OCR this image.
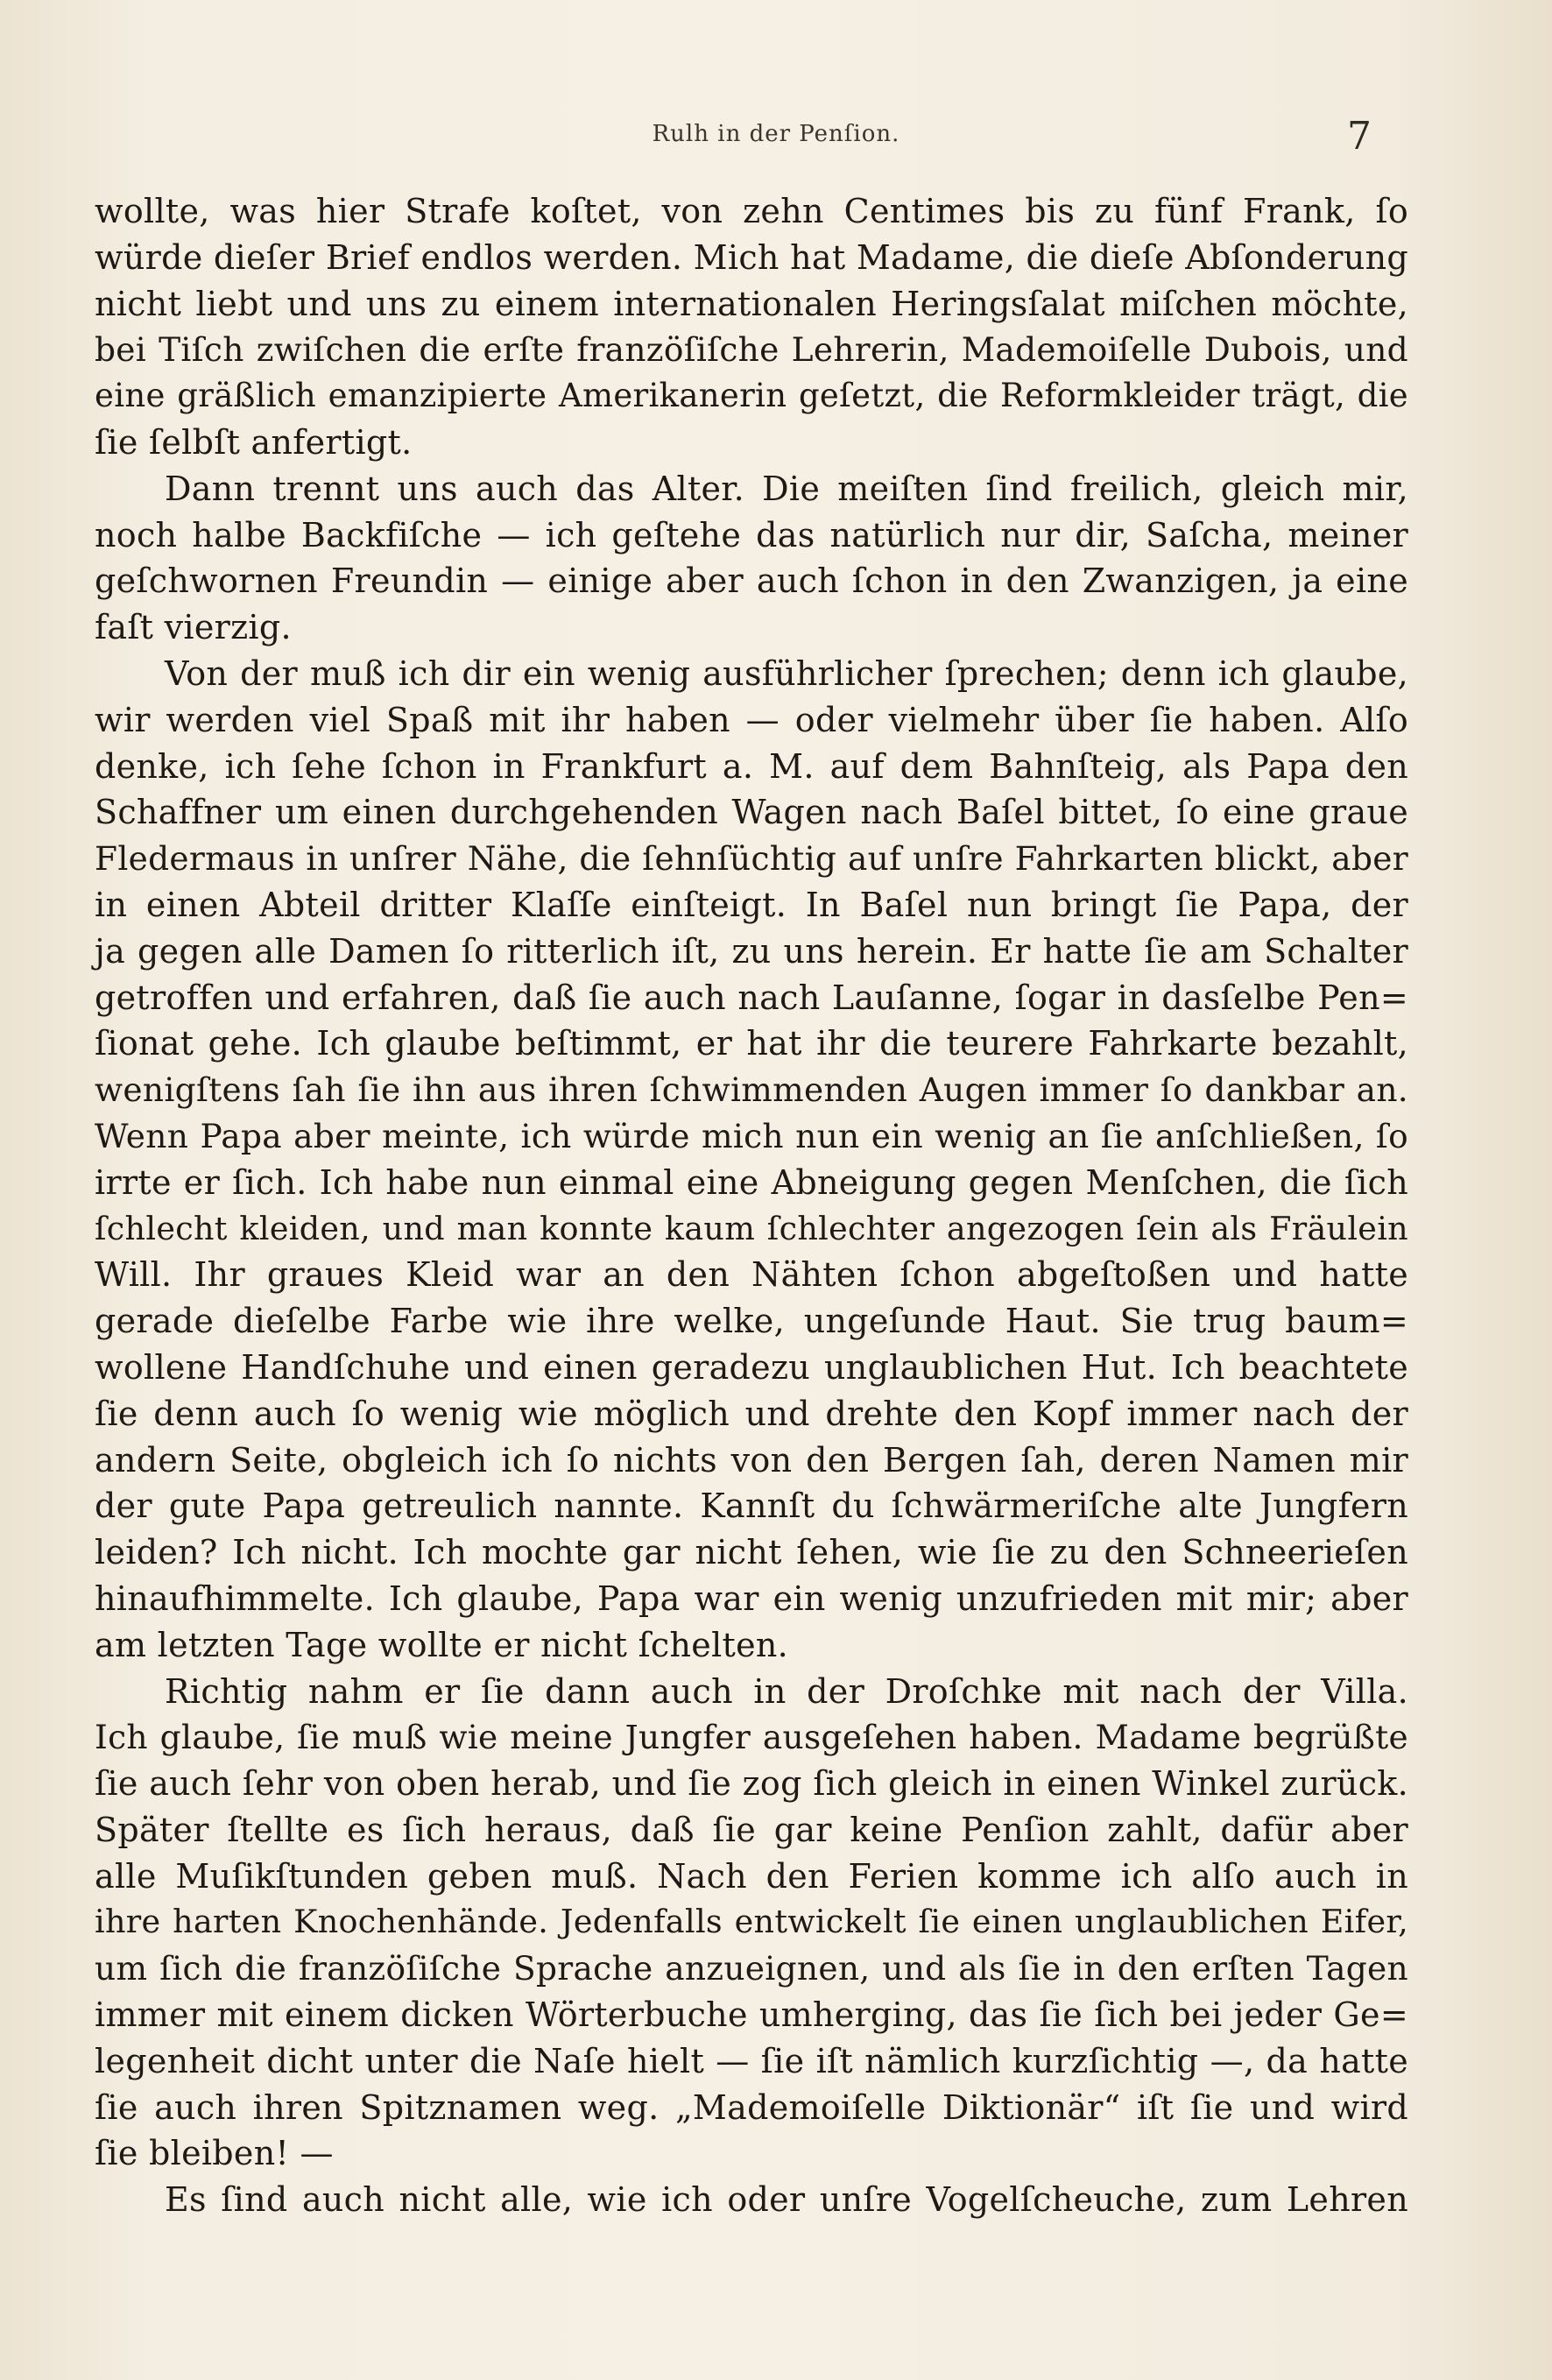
Rulh in der Penſion.	7
wollte, was hier Strafe koſtet, von zehn Centimes bis zu fünf Frank, ſo
würde dieſer Brief endlos werden. Mich hat Madame, die dieſe Abſonderung
nicht liebt und uns zu einem internationalen Heringsſalat miſchen möchte,
bei Tiſch zwiſchen die erſte franzöſiſche Lehrerin, Mademoiſelle Dubois, und
eine gräßlich emanzipierte Amerikanerin geſetzt, die Reformkleider trägt, die
ſie ſelbſt anfertigt.
Dann trennt uns auch das Alter. Die meiſten ſind freilich, gleich mir,
noch halbe Backfiſche — ich geſtehe das natürlich nur dir, Saſcha, meiner
geſchwornen Freundin — einige aber auch ſchon in den Zwanzigen, ja eine
faſt vierzig.
Von der muß ich dir ein wenig ausführlicher ſprechen; denn ich glaube,
wir werden viel Spaß mit ihr haben — oder vielmehr über ſie haben. Alſo
denke, ich ſehe ſchon in Frankfurt a. M. auf dem Bahnſteig, als Papa den
Schaffner um einen durchgehenden Wagen nach Baſel bittet, ſo eine graue
Fledermaus in unſrer Nähe, die ſehnſüchtig auf unſre Fahrkarten blickt, aber
in einen Abteil dritter Klaſſe einſteigt. In Baſel nun bringt ſie Papa, der
ja gegen alle Damen ſo ritterlich iſt, zu uns herein. Er hatte ſie am Schalter
getroffen und erfahren, daß ſie auch nach Lauſanne, ſogar in dasſelbe Pen=
ſionat gehe. Ich glaube beſtimmt, er hat ihr die teurere Fahrkarte bezahlt,
wenigſtens ſah ſie ihn aus ihren ſchwimmenden Augen immer ſo dankbar an.
Wenn Papa aber meinte, ich würde mich nun ein wenig an ſie anſchließen, ſo
irrte er ſich. Ich habe nun einmal eine Abneigung gegen Menſchen, die ſich
ſchlecht kleiden, und man konnte kaum ſchlechter angezogen ſein als Fräulein
Will. Ihr graues Kleid war an den Nähten ſchon abgeſtoßen und hatte
gerade dieſelbe Farbe wie ihre welke, ungeſunde Haut. Sie trug baum=
wollene Handſchuhe und einen geradezu unglaublichen Hut. Ich beachtete
ſie denn auch ſo wenig wie möglich und drehte den Kopf immer nach der
andern Seite, obgleich ich ſo nichts von den Bergen ſah, deren Namen mir
der gute Papa getreulich nannte. Kannſt du ſchwärmeriſche alte Jungfern
leiden? Ich nicht. Ich mochte gar nicht ſehen, wie ſie zu den Schneerieſen
hinaufhimmelte. Ich glaube, Papa war ein wenig unzufrieden mit mir; aber
am letzten Tage wollte er nicht ſchelten.
Richtig nahm er ſie dann auch in der Droſchke mit nach der Villa.
Ich glaube, ſie muß wie meine Jungfer ausgeſehen haben. Madame begrüßte
ſie auch ſehr von oben herab, und ſie zog ſich gleich in einen Winkel zurück.
Später ſtellte es ſich heraus, daß ſie gar keine Penſion zahlt, dafür aber
alle Muſikſtunden geben muß. Nach den Ferien komme ich alſo auch in
ihre harten Knochenhände. Jedenfalls entwickelt ſie einen unglaublichen Eifer,
um ſich die franzöſiſche Sprache anzueignen, und als ſie in den erſten Tagen
immer mit einem dicken Wörterbuche umherging, das ſie ſich bei jeder Ge=
legenheit dicht unter die Naſe hielt — ſie iſt nämlich kurzſichtig —, da hatte
ſie auch ihren Spitznamen weg. „Mademoiſelle Diktionär“ iſt ſie und wird
ſie bleiben! —
Es ſind auch nicht alle, wie ich oder unſre Vogelſcheuche, zum Lehren
